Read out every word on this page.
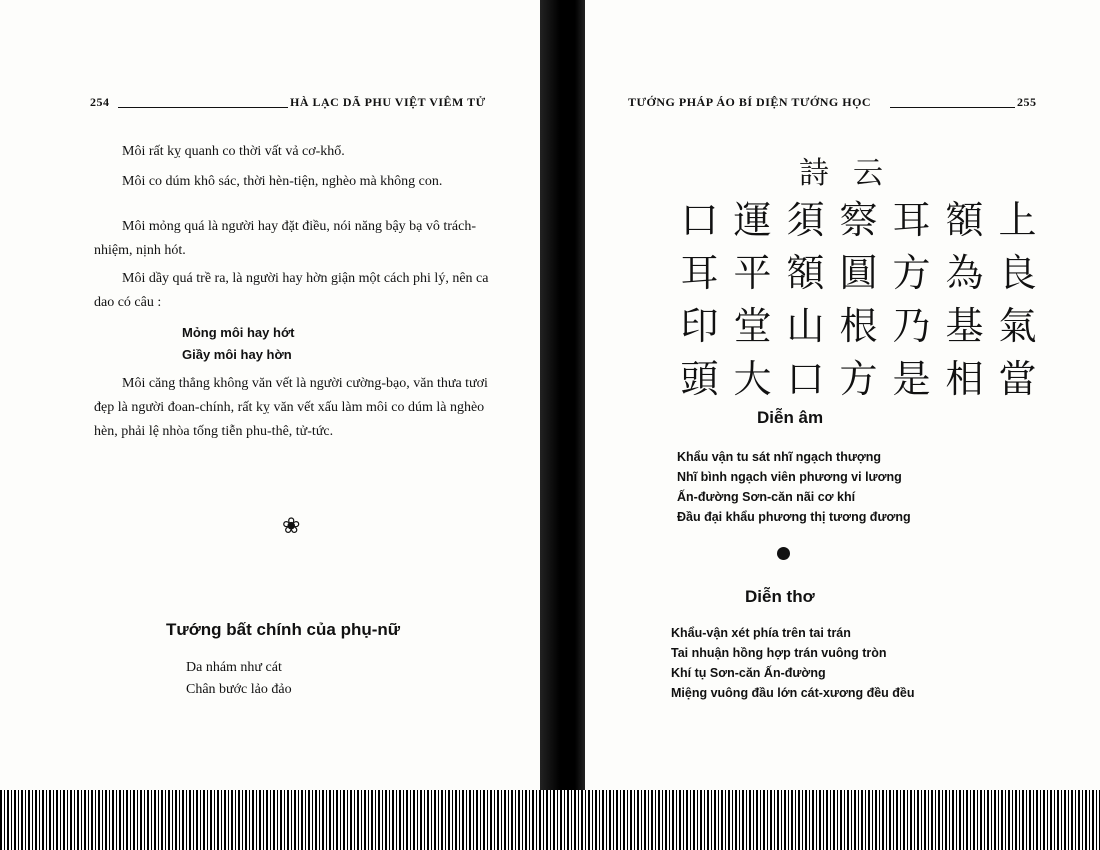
254	HÀ LẠC DÃ PHU VIỆT VIÊM TỬ

Môi rất kỵ quanh co thời vất vả cơ-khổ.

Môi co dúm khô sác, thời hèn-tiện, nghèo mà không con.

Môi mỏng quá là người hay đặt điều, nói năng bậy bạ vô trách-nhiệm, nịnh hót.

Môi dầy quá trề ra, là người hay hờn giận một cách phi lý, nên ca dao có câu :

Mỏng môi hay hớt
Giầy môi hay hờn

Môi căng thẳng không văn vết là người cường-bạo, văn thưa tươi đẹp là người đoan-chính, rất kỵ văn vết xấu làm môi co dúm là nghèo hèn, phải lệ nhòa tống tiễn phu-thê, tử-tức.

❀
Tướng bất chính của phụ-nữ
Da nhám như cát
Chân bước lảo đảo
TƯỚNG PHÁP ÁO BÍ DIỆN TƯỚNG HỌC	255
詩云
口 運 須 察 耳 額 上
耳 平 額 圓 方 為 良
印 堂 山 根 乃 基 氣
頭 大 口 方 是 相 當
Diễn âm
Khẩu vận tu sát nhĩ ngạch thượng
Nhĩ bình ngạch viên phương vi lương
Ấn-đường Sơn-căn nãi cơ khí
Đầu đại khẩu phương thị tương đương
Diễn thơ
Khẩu-vận xét phía trên tai trán
Tai nhuận hồng hợp trán vuông tròn
Khí tụ Sơn-căn Ấn-đường
Miệng vuông đầu lớn cát-xương đều đều
